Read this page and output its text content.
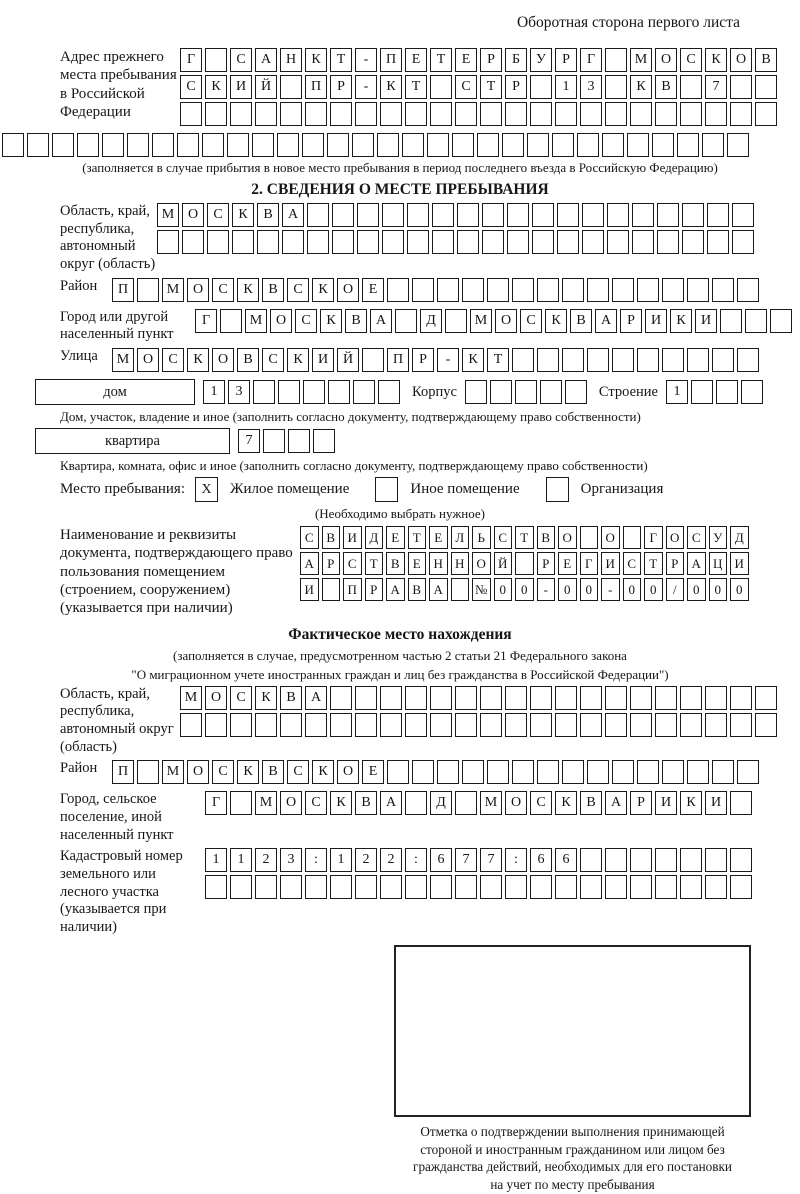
Оборотная сторона первого листа
Адрес прежнего места пребывания в Российской Федерации
Г	С	А	Н	К	Т	-	П	Е	Т	Е	Р	Б	У	Р	Г	М О	С	К	О	В
С	К	И	Й	П	Р	-	К	Т	С	Т	Р	1	3	К	В	7
(заполняется в случае прибытия в новое место пребывания в период последнего въезда в Российскую Федерацию)
2. СВЕДЕНИЯ О МЕСТЕ ПРЕБЫВАНИЯ
Область, край, республика, автономный округ (область)
М О	С	К	В	А
Район	П	М О	С	К	В	С	К	О	Е
Город или другой населенный пункт
Г	М О	С	К	В	А	Д	М О	С	К	В	А	Р	И	К	И
Улица	М О	С	К	О	В	С	К	И	Й	П	Р	-	К	Т
дом	1	3	Корпус	Строение	1
Дом, участок, владение и иное (заполнить согласно документу, подтверждающему право собственности)
квартира	7
Квартира, комната, офис и иное (заполнить согласно документу, подтверждающему право собственности)
Место пребывания:	X	Жилое помещение	Иное помещение	Организация
(Необходимо выбрать нужное)
Наименование и реквизиты документа, подтверждающего право пользования помещением (строением, сооружением) (указывается при наличии)
С В И Д	Е	Т	Е	Л	Ь	С	Т	В О	О	Г	О С У Д
А	Р	С	Т	В	Е Н Н О Й	Р	Е	Г	И С	Т	Р	А Ц И
И	П	Р	А В А	№ 0	0	-	0	0	-	0	0	/	0	0	0
Фактическое место нахождения
(заполняется в случае, предусмотренном частью 2 статьи 21 Федерального закона
"О миграционном учете иностранных граждан и лиц без гражданства в Российской Федерации")
Область, край, республика, автономный округ (область)
М О	С	К	В	А
Район	П	М О	С	К	В	С	К	О	Е
Город, сельское поселение, иной населенный пункт
Г	М О	С	К	В	А	Д	М О	С	К	В	А	Р	И	К	И
Кадастровый номер земельного или лесного участка (указывается при наличии)
1	1	2	3	:	1	2	2	:	6	7	7	:	6	6
Отметка о подтверждении выполнения принимающей
стороной и иностранным гражданином или лицом без
гражданства действий, необходимых для его постановки
на учет по месту пребывания
